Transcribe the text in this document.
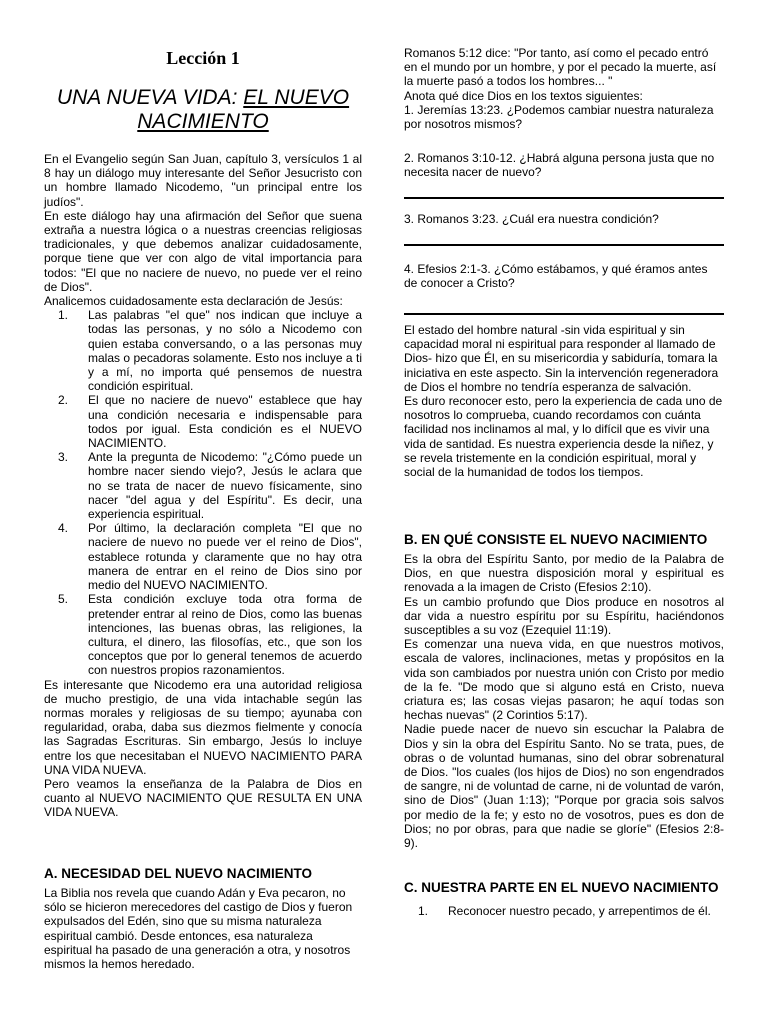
Lección 1
UNA NUEVA VIDA: EL NUEVO NACIMIENTO

En el Evangelio según San Juan, capítulo 3, versículos 1 al 8 hay un diálogo muy interesante del Señor Jesucristo con un hombre llamado Nicodemo, "un principal entre los judíos".

En este diálogo hay una afirmación del Señor que suena extraña a nuestra lógica o a nuestras creencias religiosas tradicionales, y que debemos analizar cuidadosamente, porque tiene que ver con algo de vital importancia para todos: "El que no naciere de nuevo, no puede ver el reino de Dios".

Analicemos cuidadosamente esta declaración de Jesús:

1. Las palabras "el que" nos indican que incluye a todas las personas, y no sólo a Nicodemo con quien estaba conversando, o a las personas muy malas o pecadoras solamente. Esto nos incluye a ti y a mí, no importa qué pensemos de nuestra condición espiritual.
2. El que no naciere de nuevo" establece que hay una condición necesaria e indispensable para todos por igual. Esta condición es el NUEVO NACIMIENTO.
3. Ante la pregunta de Nicodemo: "¿Cómo puede un hombre nacer siendo viejo?, Jesús le aclara que no se trata de nacer de nuevo físicamente, sino nacer "del agua y del Espíritu". Es decir, una experiencia espiritual.
4. Por último, la declaración completa "El que no naciere de nuevo no puede ver el reino de Dios", establece rotunda y claramente que no hay otra manera de entrar en el reino de Dios sino por medio del NUEVO NACIMIENTO.
5. Esta condición excluye toda otra forma de pretender entrar al reino de Dios, como las buenas intenciones, las buenas obras, las religiones, la cultura, el dinero, las filosofías, etc., que son los conceptos que por lo general tenemos de acuerdo con nuestros propios razonamientos.

Es interesante que Nicodemo era una autoridad religiosa de mucho prestigio, de una vida intachable según las normas morales y religiosas de su tiempo; ayunaba con regularidad, oraba, daba sus diezmos fielmente y conocía las Sagradas Escrituras. Sin embargo, Jesús lo incluye entre los que necesitaban el NUEVO NACIMIENTO PARA UNA VIDA NUEVA.

Pero veamos la enseñanza de la Palabra de Dios en cuanto al NUEVO NACIMIENTO QUE RESULTA EN UNA VIDA NUEVA.

A. NECESIDAD DEL NUEVO NACIMIENTO

La Biblia nos revela que cuando Adán y Eva pecaron, no sólo se hicieron merecedores del castigo de Dios y fueron expulsados del Edén, sino que su misma naturaleza espiritual cambió. Desde entonces, esa naturaleza espiritual ha pasado de una generación a otra, y nosotros mismos la hemos heredado.

Romanos 5:12 dice: "Por tanto, así como el pecado entró en el mundo por un hombre, y por el pecado la muerte, así la muerte pasó a todos los hombres... "

Anota qué dice Dios en los textos siguientes:

1. Jeremías 13:23. ¿Podemos cambiar nuestra naturaleza por nosotros mismos?

2. Romanos 3:10-12. ¿Habrá alguna persona justa que no necesita nacer de nuevo?

3. Romanos 3:23. ¿Cuál era nuestra condición?

4. Efesios 2:1-3. ¿Cómo estábamos, y qué éramos antes de conocer a Cristo?

El estado del hombre natural -sin vida espiritual y sin capacidad moral ni espiritual para responder al llamado de Dios- hizo que Él, en su misericordia y sabiduría, tomara la iniciativa en este aspecto. Sin la intervención regeneradora de Dios el hombre no tendría esperanza de salvación.

Es duro reconocer esto, pero la experiencia de cada uno de nosotros lo comprueba, cuando recordamos con cuánta facilidad nos inclinamos al mal, y lo difícil que es vivir una vida de santidad. Es nuestra experiencia desde la niñez, y se revela tristemente en la condición espiritual, moral y social de la humanidad de todos los tiempos.

B. EN QUÉ CONSISTE EL NUEVO NACIMIENTO

Es la obra del Espíritu Santo, por medio de la Palabra de Dios, en que nuestra disposición moral y espiritual es renovada a la imagen de Cristo (Efesios 2:10).

Es un cambio profundo que Dios produce en nosotros al dar vida a nuestro espíritu por su Espíritu, haciéndonos susceptibles a su voz (Ezequiel 11:19).

Es comenzar una nueva vida, en que nuestros motivos, escala de valores, inclinaciones, metas y propósitos en la vida son cambiados por nuestra unión con Cristo por medio de la fe. "De modo que si alguno está en Cristo, nueva criatura es; las cosas viejas pasaron; he aquí todas son hechas nuevas" (2 Corintios 5:17).

Nadie puede nacer de nuevo sin escuchar la Palabra de Dios y sin la obra del Espíritu Santo. No se trata, pues, de obras o de voluntad humanas, sino del obrar sobrenatural de Dios. "los cuales (los hijos de Dios) no son engendrados de sangre, ni de voluntad de carne, ni de voluntad de varón, sino de Dios" (Juan 1:13); "Porque por gracia sois salvos por medio de la fe; y esto no de vosotros, pues es don de Dios; no por obras, para que nadie se gloríe" (Efesios 2:8-9).

C. NUESTRA PARTE EN EL NUEVO NACIMIENTO
1. Reconocer nuestro pecado, y arrepentimos de él.
